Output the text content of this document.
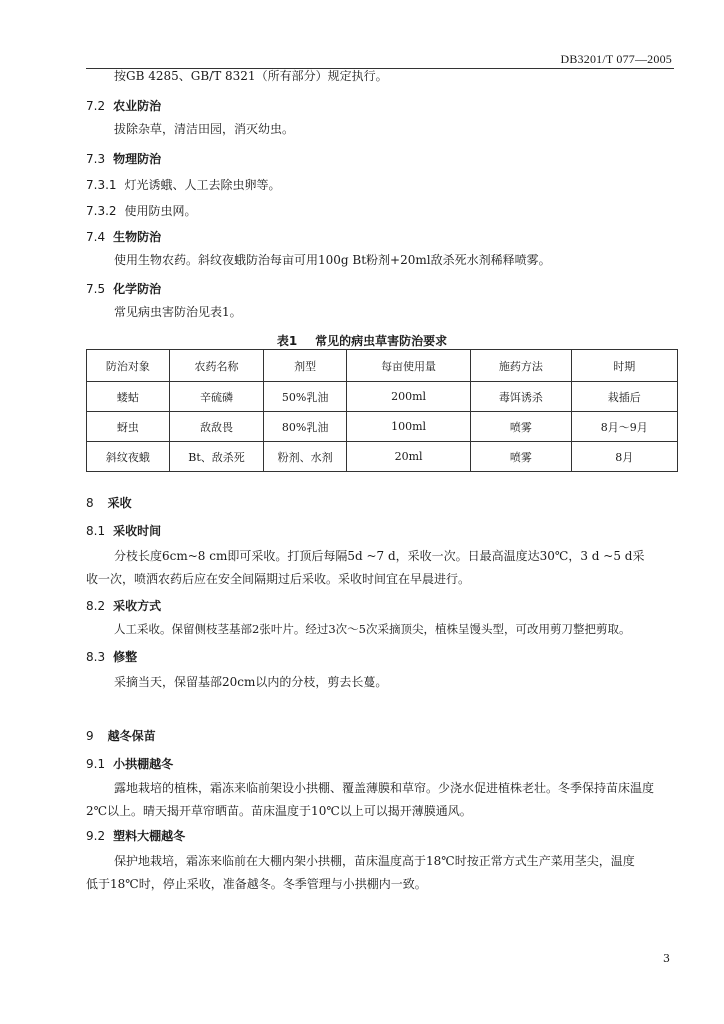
DB3201/T 077—2005
按GB 4285、GB/T 8321（所有部分）规定执行。
7.2 农业防治
拔除杂草，清洁田园，消灭幼虫。
7.3 物理防治
7.3.1 灯光诱蛾、人工去除虫卵等。
7.3.2 使用防虫网。
7.4 生物防治
使用生物农药。斜纹夜蛾防治每亩可用100g Bt粉剂+20ml敌杀死水剂稀释喷雾。
7.5 化学防治
常见病虫害防治见表1。
表1 常见的病虫草害防治要求
防治对象	农药名称	剂型	每亩使用量	施药方法	时期
蝼蛄	辛硫磷	50%乳油	200ml	毒饵诱杀	栽插后
蚜虫	敌敌畏	80%乳油	100ml	喷雾	8月～9月
斜纹夜蛾	Bt、敌杀死	粉剂、水剂	20ml	喷雾	8月
8 采收
8.1 采收时间
分枝长度6cm~8 cm即可采收。打顶后每隔5d ~7 d，采收一次。日最高温度达30℃，3 d ~5 d采
收一次，喷洒农药后应在安全间隔期过后采收。采收时间宜在早晨进行。
8.2 采收方式
人工采收。保留侧枝茎基部2张叶片。经过3次～5次采摘顶尖，植株呈馒头型，可改用剪刀整把剪取。
8.3 修整
采摘当天，保留基部20cm以内的分枝，剪去长蔓。
9 越冬保苗
9.1 小拱棚越冬
露地栽培的植株，霜冻来临前架设小拱棚、覆盖薄膜和草帘。少浇水促进植株老壮。冬季保持苗床温度
2℃以上。晴天揭开草帘晒苗。苗床温度于10℃以上可以揭开薄膜通风。
9.2 塑料大棚越冬
保护地栽培，霜冻来临前在大棚内架小拱棚，苗床温度高于18℃时按正常方式生产菜用茎尖，温度
低于18℃时，停止采收，准备越冬。冬季管理与小拱棚内一致。
3
